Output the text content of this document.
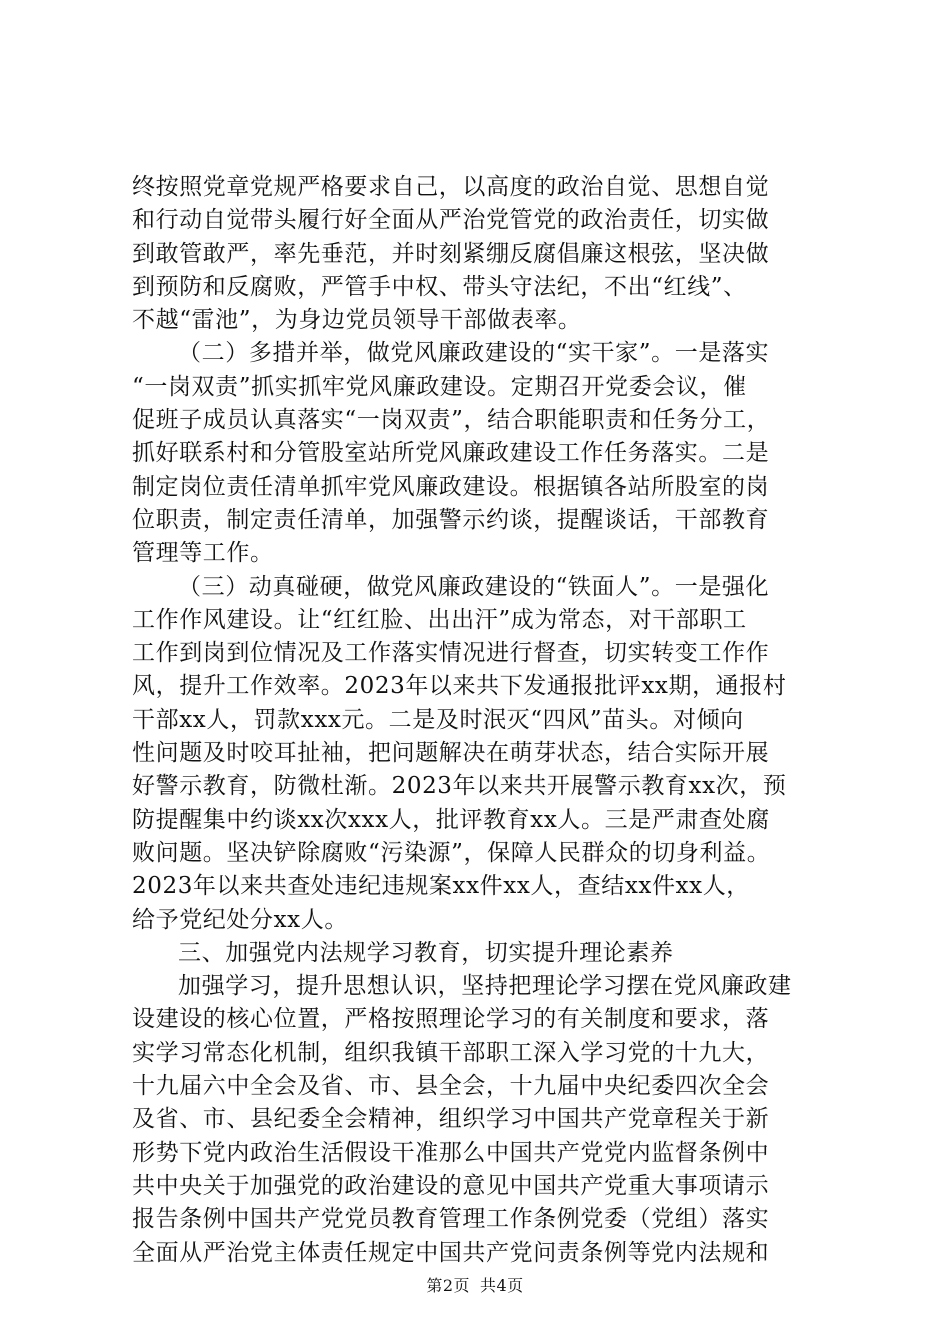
终按照党章党规严格要求自己，以高度的政治自觉、思想自觉
和行动自觉带头履行好全面从严治党管党的政治责任，切实做
到敢管敢严，率先垂范，并时刻紧绷反腐倡廉这根弦，坚决做
到预防和反腐败，严管手中权、带头守法纪，不出“红线”、
不越“雷池”，为身边党员领导干部做表率。
（二）多措并举，做党风廉政建设的“实干家”。一是落实
“一岗双责”抓实抓牢党风廉政建设。定期召开党委会议，催
促班子成员认真落实“一岗双责”，结合职能职责和任务分工，
抓好联系村和分管股室站所党风廉政建设工作任务落实。二是
制定岗位责任清单抓牢党风廉政建设。根据镇各站所股室的岗
位职责，制定责任清单，加强警示约谈，提醒谈话，干部教育
管理等工作。
（三）动真碰硬，做党风廉政建设的“铁面人”。一是强化
工作作风建设。让“红红脸、出出汗”成为常态，对干部职工
工作到岗到位情况及工作落实情况进行督查，切实转变工作作
风，提升工作效率。2023年以来共下发通报批评xx期，通报村
干部xx人，罚款xxx元。二是及时泯灭“四风”苗头。对倾向
性问题及时咬耳扯袖，把问题解决在萌芽状态，结合实际开展
好警示教育，防微杜渐。2023年以来共开展警示教育xx次，预
防提醒集中约谈xx次xxx人，批评教育xx人。三是严肃查处腐
败问题。坚决铲除腐败“污染源”，保障人民群众的切身利益。
2023年以来共查处违纪违规案xx件xx人，查结xx件xx人，
给予党纪处分xx人。
三、加强党内法规学习教育，切实提升理论素养
加强学习，提升思想认识，坚持把理论学习摆在党风廉政建
设建设的核心位置，严格按照理论学习的有关制度和要求，落
实学习常态化机制，组织我镇干部职工深入学习党的十九大，
十九届六中全会及省、市、县全会，十九届中央纪委四次全会
及省、市、县纪委全会精神，组织学习中国共产党章程关于新
形势下党内政治生活假设干准那么中国共产党党内监督条例中
共中央关于加强党的政治建设的意见中国共产党重大事项请示
报告条例中国共产党党员教育管理工作条例党委（党组）落实
全面从严治党主体责任规定中国共产党问责条例等党内法规和
第2页 共4页
